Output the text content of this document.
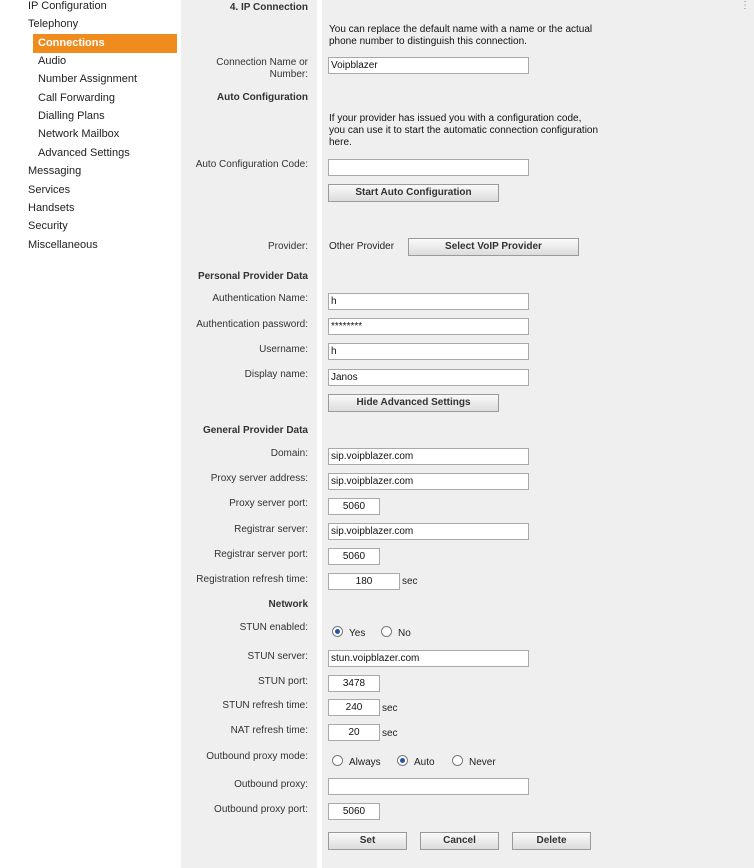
IP Configuration
Telephony
Connections
Audio
Number Assignment
Call Forwarding
Dialling Plans
Network Mailbox
Advanced Settings
Messaging
Services
Handsets
Security
Miscellaneous
⋮
4. IP Connection
You can replace the default name with a name or the actual phone number to distinguish this connection.
Connection Name or Number:
Voipblazer
Auto Configuration
If your provider has issued you with a configuration code, you can use it to start the automatic connection configuration here.
Auto Configuration Code:
Start Auto Configuration
Provider: Other Provider	Select VoIP Provider
Personal Provider Data
Authentication Name:
h
Authentication password:
********
Username:
h
Display name:
Janos
Hide Advanced Settings
General Provider Data
Domain:
sip.voipblazer.com
Proxy server address:
sip.voipblazer.com
Proxy server port:
5060
Registrar server:
sip.voipblazer.com
Registrar server port:
5060
Registration refresh time:
180	sec
Network
STUN enabled:
Yes	No
STUN server:
stun.voipblazer.com
STUN port:
3478
STUN refresh time:
240	sec
NAT refresh time:
20	sec
Outbound proxy mode:
Always	Auto	Never
Outbound proxy:
Outbound proxy port:
5060
Set	Cancel	Delete
